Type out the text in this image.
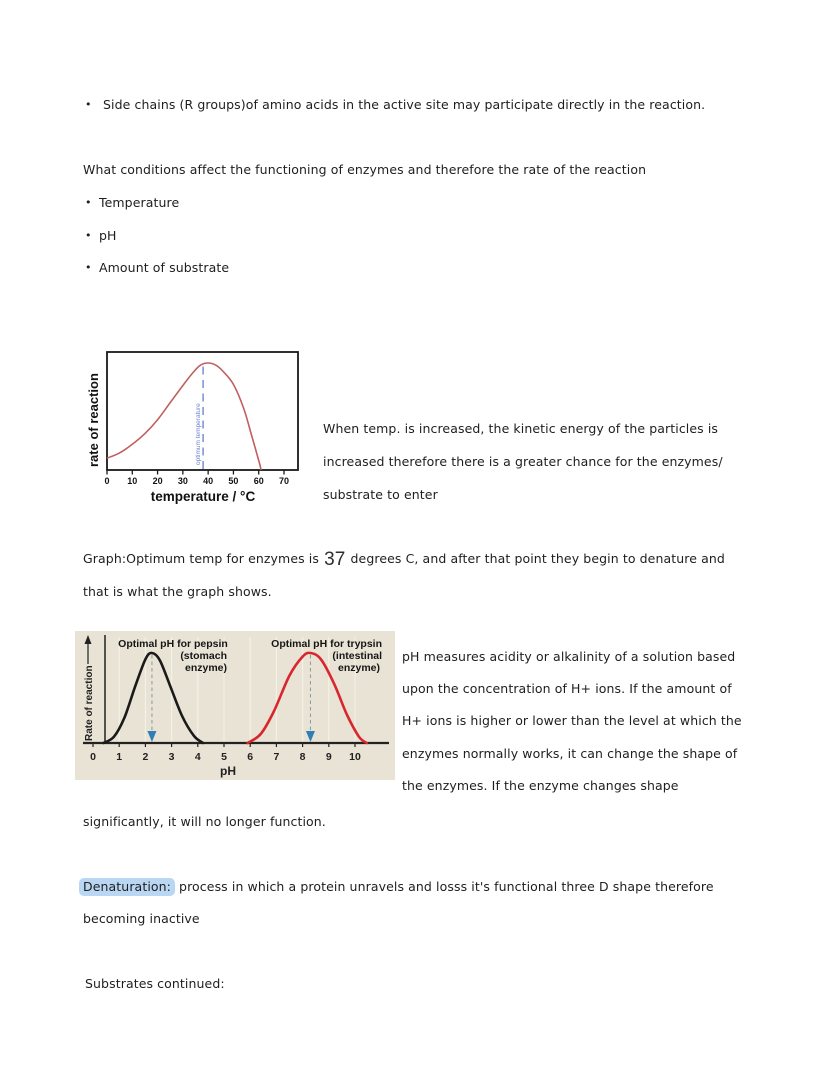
• Side chains (R groups)of amino acids in the active site may participate directly in the reaction.
What conditions affect the functioning of enzymes and therefore the rate of the reaction
• Temperature
• pH
• Amount of substrate
0 10 20 30 40 50 60 70
optimum temperature
temperature / °C
rate of reaction	When temp. is increased, the kinetic energy of the particles is
increased therefore there is a greater chance for the enzymes/
substrate to enter
Graph:Optimum temp for enzymes is 37 degrees C, and after that point they begin to denature and
that is what the graph shows.
0 1 2 3 4 5 6 7 8 9 10
pH
Rate of reaction
Optimal pH for pepsin
(stomach
enzyme)
Optimal pH for trypsin
(intestinal
enzyme)
pH measures acidity or alkalinity of a solution based
upon the concentration of H+ ions. If the amount of
H+ ions is higher or lower than the level at which the
enzymes normally works, it can change the shape of
the enzymes. If the enzyme changes shape
significantly, it will no longer function.
Denaturation: process in which a protein unravels and losss it's functional three D shape therefore
becoming inactive
Substrates continued:
